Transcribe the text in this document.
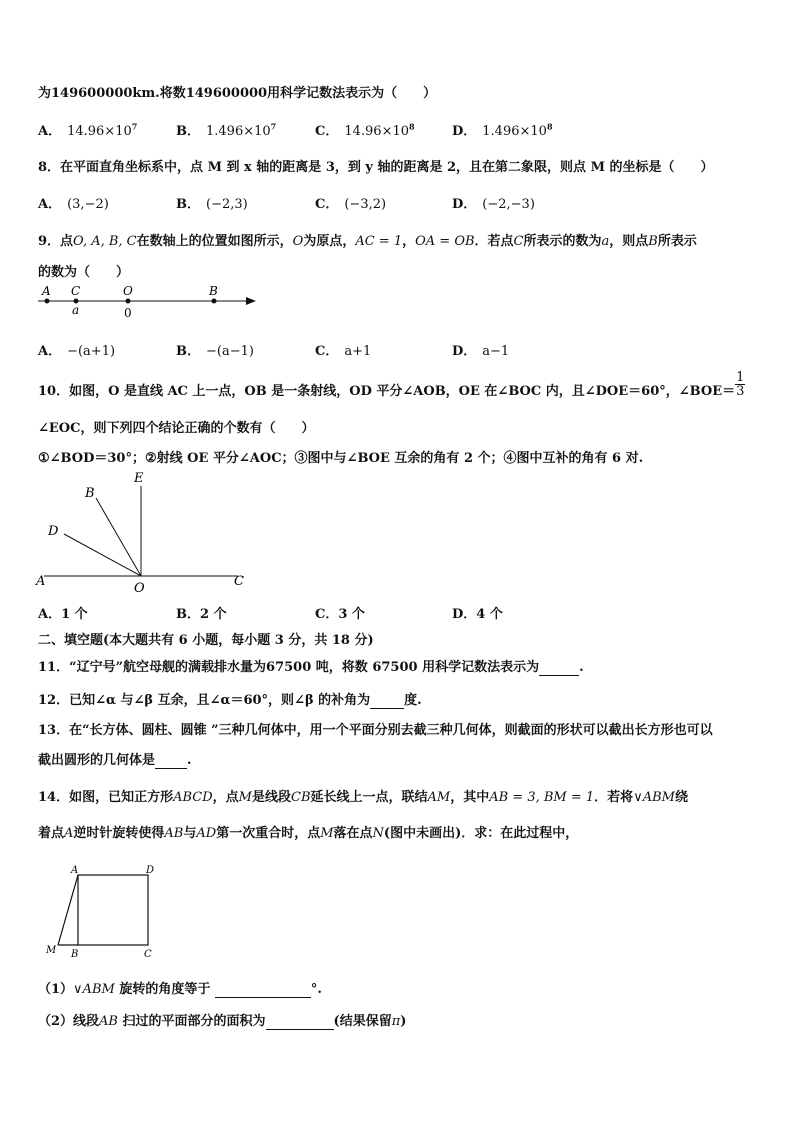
为149600000km.将数149600000用科学记数法表示为（　　）
A． $14.96\times 10^7$	B． $1.496\times 10^7$	C． $14.96\times 10^8$	D． $1.496\times 10^8$
8．在平面直角坐标系中，点 M 到 x 轴的距离是 3，到 y 轴的距离是 2，且在第二象限，则点 M 的坐标是（　　）
A． (3,−2)	B． (−2,3)	C． (−3,2)	D． (−2,−3)
9．点O, A, B, C在数轴上的位置如图所示，O为原点，AC = 1，OA = OB．若点C所表示的数为a，则点B所表示
的数为（　　）
A C	O	B
a	0
A． −(a+1)	B． −(a−1)	C． a+1	D． a−1
10．如图，O 是直线 AC 上一点，OB 是一条射线，OD 平分∠AOB，OE 在∠BOC 内，且∠DOE＝60°，∠BOE＝ $\frac{1}{3}$
∠EOC，则下列四个结论正确的个数有（　　）
①∠BOD＝30°；②射线 OE 平分∠AOC；③图中与∠BOE 互余的角有 2 个；④图中互补的角有 6 对.
A	O	C
E
B
D
A．1 个	B．2 个	C．3 个	D．4 个
二、填空题(本大题共有 6 小题，每小题 3 分，共 18 分)
11．“辽宁号”航空母舰的满载排水量为67500 吨，将数 67500 用科学记数法表示为	.
12．已知∠α 与∠β 互余，且∠α＝60°，则∠β 的补角为	度.
13．在“长方体、圆柱、圆锥 ”三种几何体中，用一个平面分别去截三种几何体，则截面的形状可以截出长方形也可以
截出圆形的几何体是 .
14．如图，已知正方形ABCD，点M是线段CB延长线上一点，联结AM，其中AB = 3, BM = 1．若将∨ABM绕
着点A逆时针旋转使得AB与AD第一次重合时，点M落在点N(图中未画出)．求：在此过程中，
A	D
B	C
M
（1）∨ABM 旋转的角度等于	°.
（2）线段AB 扫过的平面部分的面积为	(结果保留π)
